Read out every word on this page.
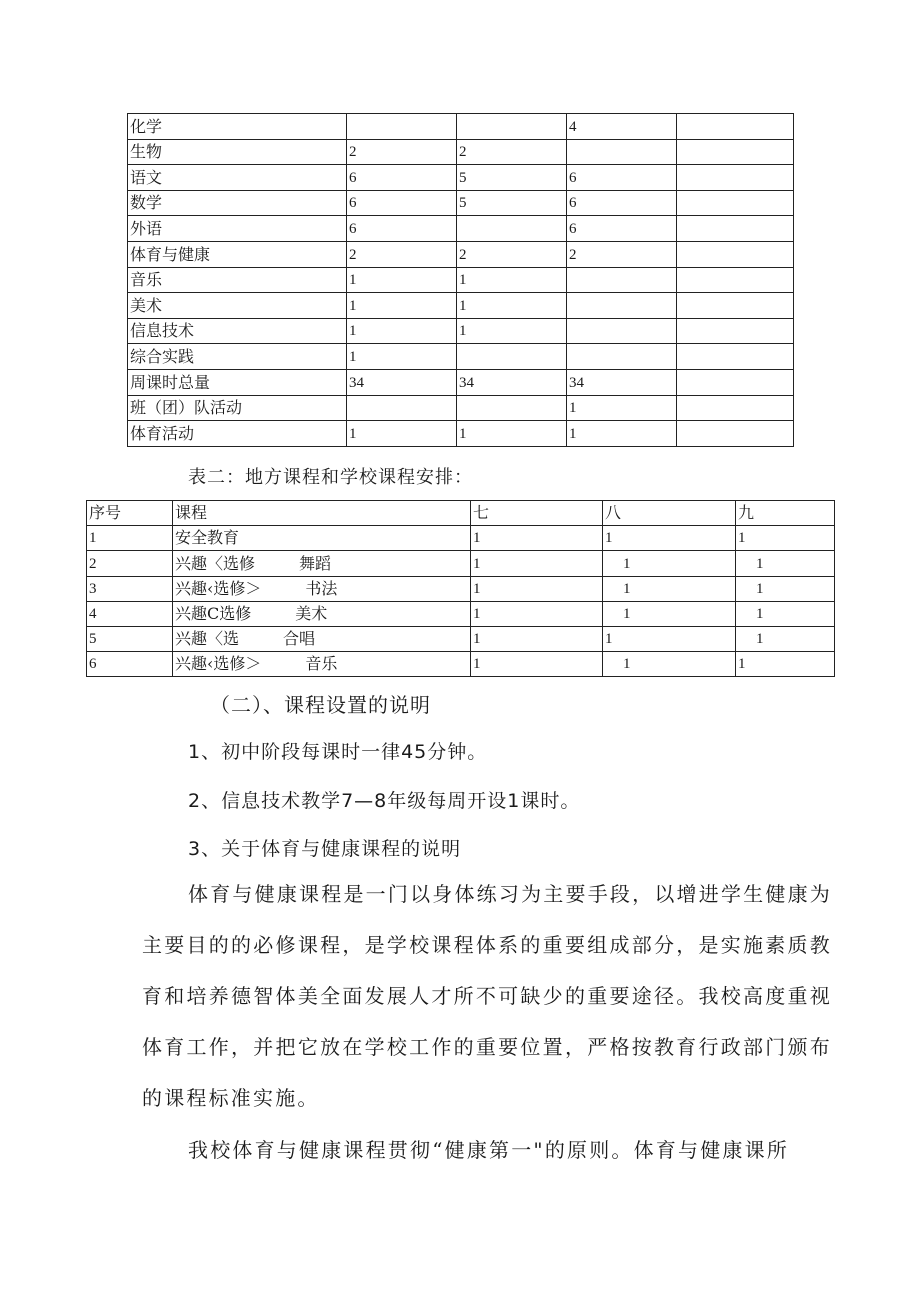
化学			4	
生物	2	2		
语文	6	5	6	
数学	6	5	6	
外语	6		6	
体育与健康	2	2	2	
音乐	1	1		
美术	1	1		
信息技术	1	1		
综合实践	1			
周课时总量	34	34	34	
班（团）队活动			1	
体育活动	1	1	1	
表二：地方课程和学校课程安排：
序号	课程	七	八	九
1	安全教育	1	1	1
2	兴趣〈选修 舞蹈	1	1	1
3	兴趣‹选修＞ 书法	1	1	1
4	兴趣C选修 美术	1	1	1
5	兴趣〈选 合唱	1	1	1
6	兴趣‹选修＞ 音乐	1	1	1
（二）、课程设置的说明
1、初中阶段每课时一律45分钟。
2、信息技术教学7—8年级每周开设1课时。
3、关于体育与健康课程的说明

体育与健康课程是一门以身体练习为主要手段，以增进学生健康为主要目的的必修课程，是学校课程体系的重要组成部分，是实施素质教育和培养德智体美全面发展人才所不可缺少的重要途径。我校高度重视体育工作，并把它放在学校工作的重要位置，严格按教育行政部门颁布的课程标准实施。

我校体育与健康课程贯彻“健康第一"的原则。体育与健康课所
